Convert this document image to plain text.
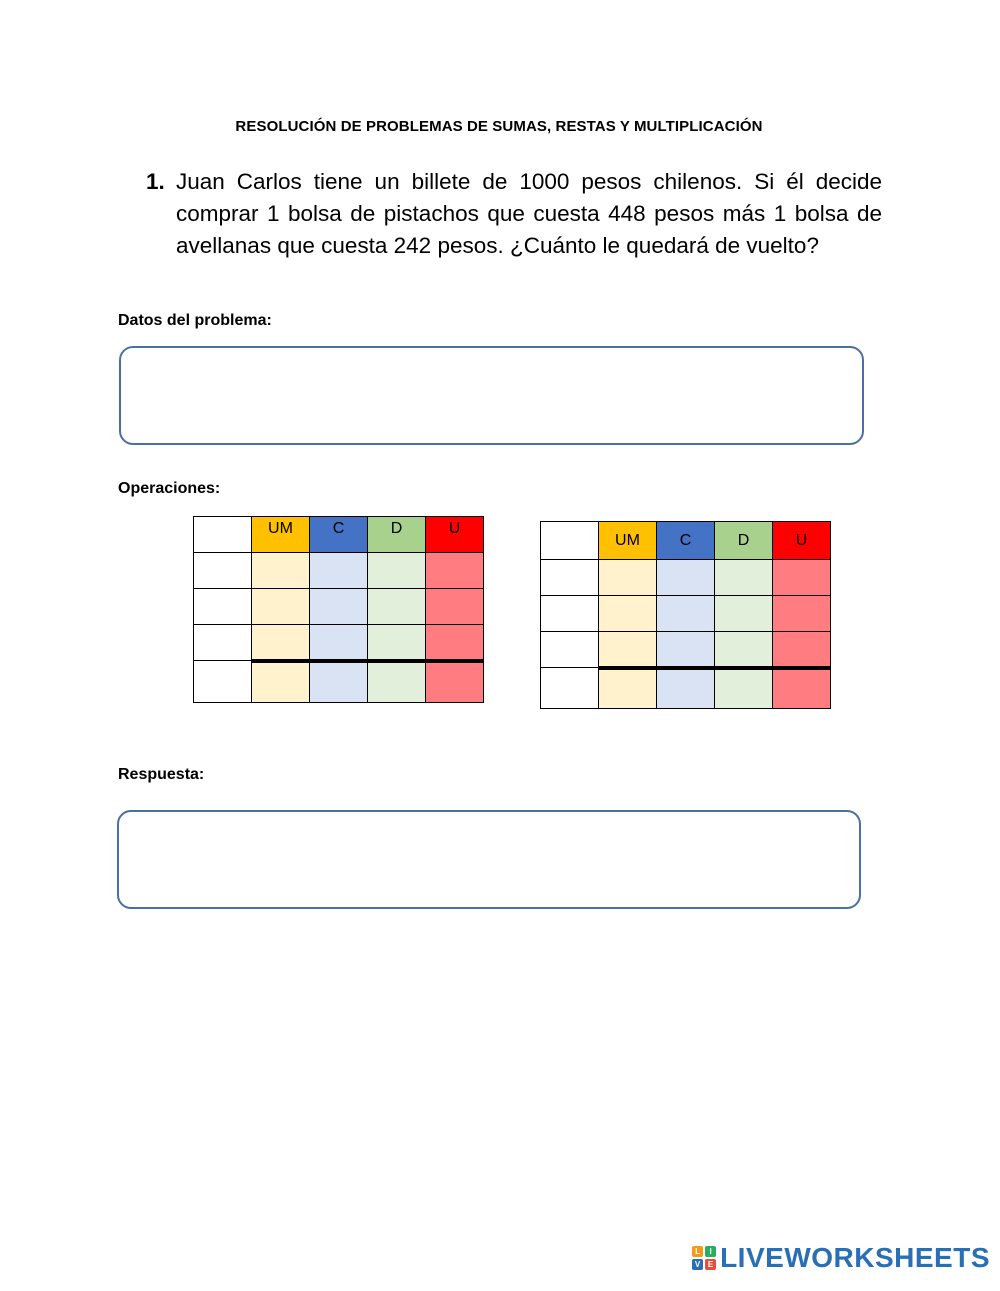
RESOLUCIÓN DE PROBLEMAS DE SUMAS, RESTAS Y MULTIPLICACIÓN
1. Juan Carlos tiene un billete de 1000 pesos chilenos. Si él decide comprar 1 bolsa de pistachos que cuesta 448 pesos más 1 bolsa de avellanas que cuesta 242 pesos. ¿Cuánto le quedará de vuelto?
Datos del problema:
Operaciones:
	UM	C	D	U

	UM	C	D	U

Respuesta:
L	I
V E LIVEWORKSHEETS
